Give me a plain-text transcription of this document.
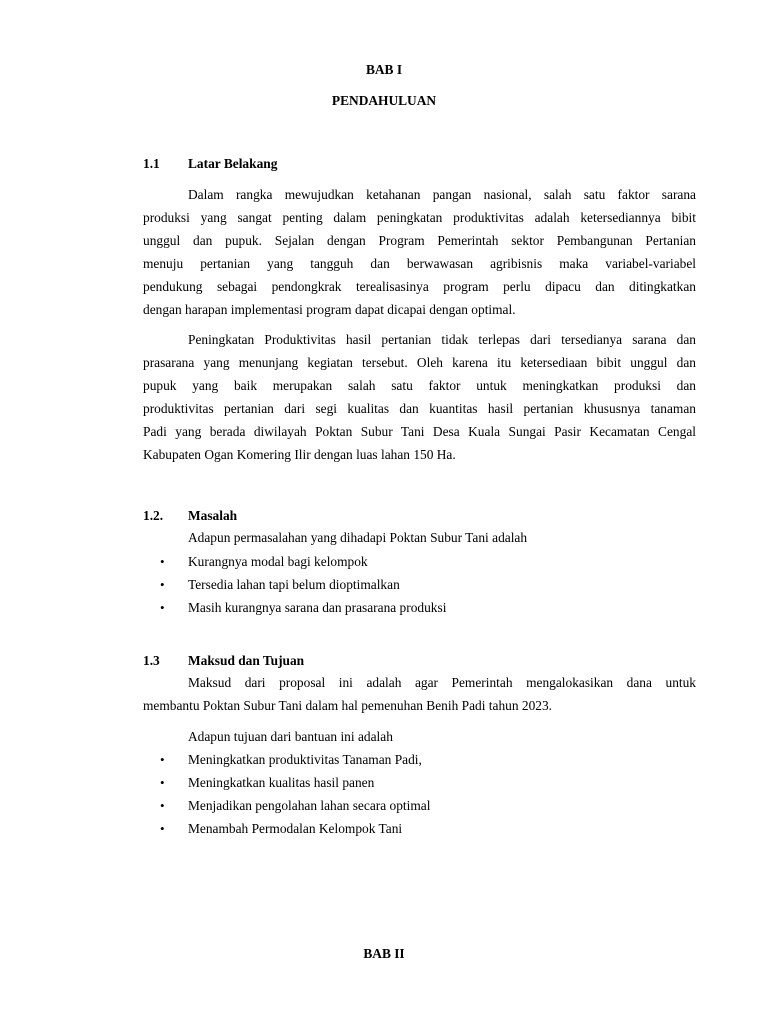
BAB I
PENDAHULUAN
1.1 Latar Belakang
Dalam rangka mewujudkan ketahanan pangan nasional, salah satu faktor sarana
produksi yang sangat penting dalam peningkatan produktivitas adalah ketersediannya bibit
unggul dan pupuk. Sejalan dengan Program Pemerintah sektor Pembangunan Pertanian
menuju pertanian yang tangguh dan berwawasan agribisnis maka variabel-variabel
pendukung sebagai pendongkrak terealisasinya program perlu dipacu dan ditingkatkan
dengan harapan implementasi program dapat dicapai dengan optimal.
Peningkatan Produktivitas hasil pertanian tidak terlepas dari tersedianya sarana dan
prasarana yang menunjang kegiatan tersebut. Oleh karena itu ketersediaan bibit unggul dan
pupuk yang baik merupakan salah satu faktor untuk meningkatkan produksi dan
produktivitas pertanian dari segi kualitas dan kuantitas hasil pertanian khususnya tanaman
Padi yang berada diwilayah Poktan Subur Tani Desa Kuala Sungai Pasir Kecamatan Cengal
Kabupaten Ogan Komering Ilir dengan luas lahan 150 Ha.
1.2. Masalah
Adapun permasalahan yang dihadapi Poktan Subur Tani adalah
• Kurangnya modal bagi kelompok
• Tersedia lahan tapi belum dioptimalkan
• Masih kurangnya sarana dan prasarana produksi
1.3 Maksud dan Tujuan
Maksud dari proposal ini adalah agar Pemerintah mengalokasikan dana untuk
membantu Poktan Subur Tani dalam hal pemenuhan Benih Padi tahun 2023.
Adapun tujuan dari bantuan ini adalah
• Meningkatkan produktivitas Tanaman Padi,
• Meningkatkan kualitas hasil panen
• Menjadikan pengolahan lahan secara optimal
• Menambah Permodalan Kelompok Tani
BAB II
